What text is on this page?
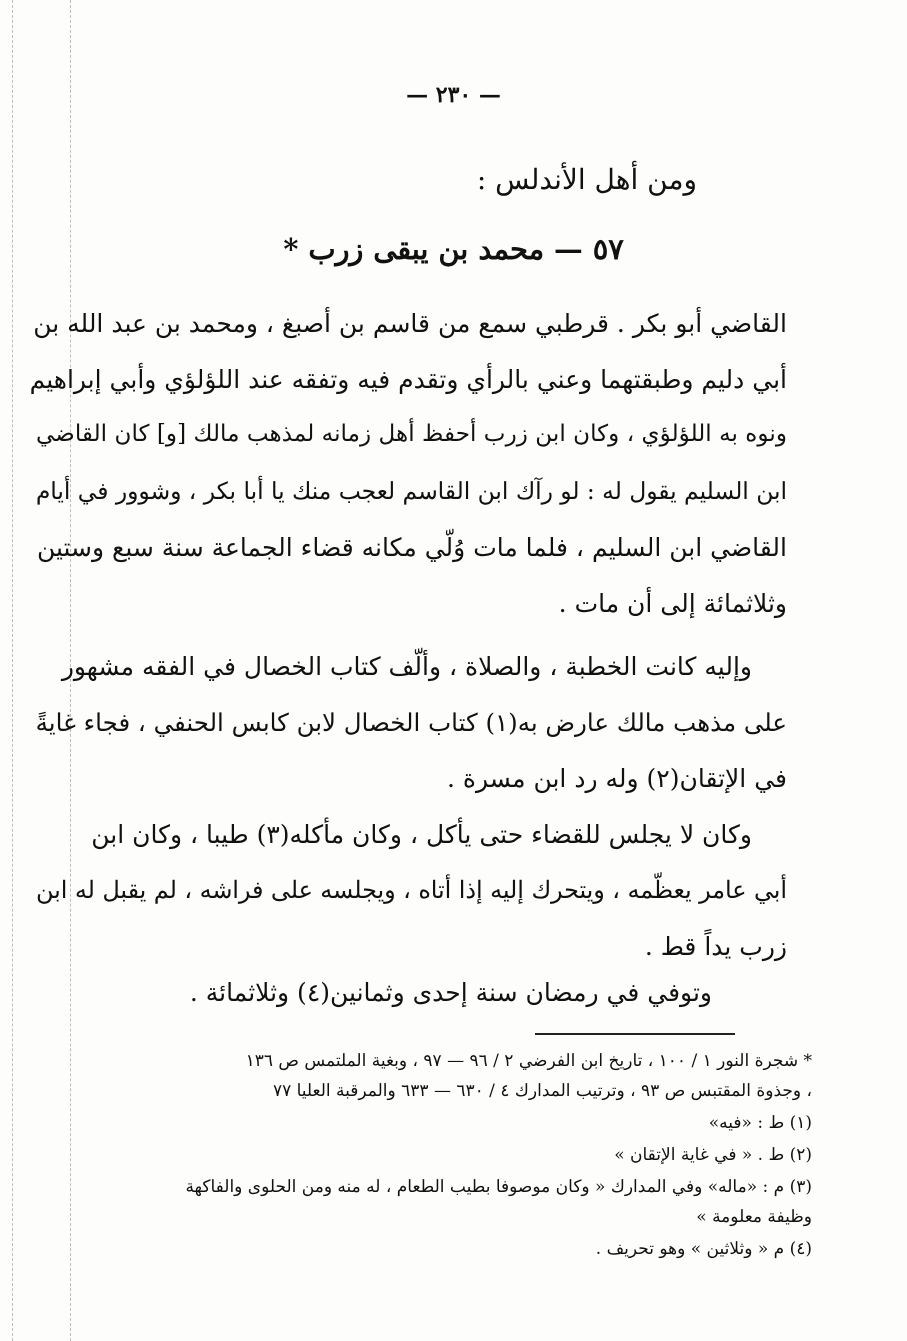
— ٢٣٠ —
ومن أهل الأندلس :
٥٧ — محمد بن يبقى زرب *
القاضي أبو بكر . قرطبي سمع من قاسم بن أصبغ ، ومحمد بن عبد الله بن
أبي دليم وطبقتهما وعني بالرأي وتقدم فيه وتفقه عند اللؤلؤي وأبي إبراهيم
ونوه به اللؤلؤي ، وكان ابن زرب أحفظ أهل زمانه لمذهب مالك [و] كان القاضي
ابن السليم يقول له : لو رآك ابن القاسم لعجب منك يا أبا بكر ، وشوور في أيام
القاضي ابن السليم ، فلما مات وُلّي مكانه قضاء الجماعة سنة سبع وستين
وثلاثمائة إلى أن مات .
وإليه كانت الخطبة ، والصلاة ، وألّف كتاب الخصال في الفقه مشهور
على مذهب مالك عارض به(١) كتاب الخصال لابن كابس الحنفي ، فجاء غايةً
في الإتقان(٢) وله رد ابن مسرة .
وكان لا يجلس للقضاء حتى يأكل ، وكان مأكله(٣) طيبا ، وكان ابن
أبي عامر يعظّمه ، ويتحرك إليه إذا أتاه ، ويجلسه على فراشه ، لم يقبل له ابن
زرب يداً قط .
وتوفي في رمضان سنة إحدى وثمانين(٤) وثلاثمائة .
* شجرة النور ١ / ١٠٠ ، تاريخ ابن الفرضي ٢ / ٩٦ — ٩٧ ، وبغية الملتمس ص ١٣٦
، وجذوة المقتبس ص ٩٣ ، وترتيب المدارك ٤ / ٦٣٠ — ٦٣٣ والمرقبة العليا ٧٧
(١) ط : «فيه»
(٢) ط . « في غاية الإتقان »
(٣) م : «ماله» وفي المدارك « وكان موصوفا بطيب الطعام ، له منه ومن الحلوى والفاكهة
وظيفة معلومة »
(٤) م « وثلاثين » وهو تحريف .
